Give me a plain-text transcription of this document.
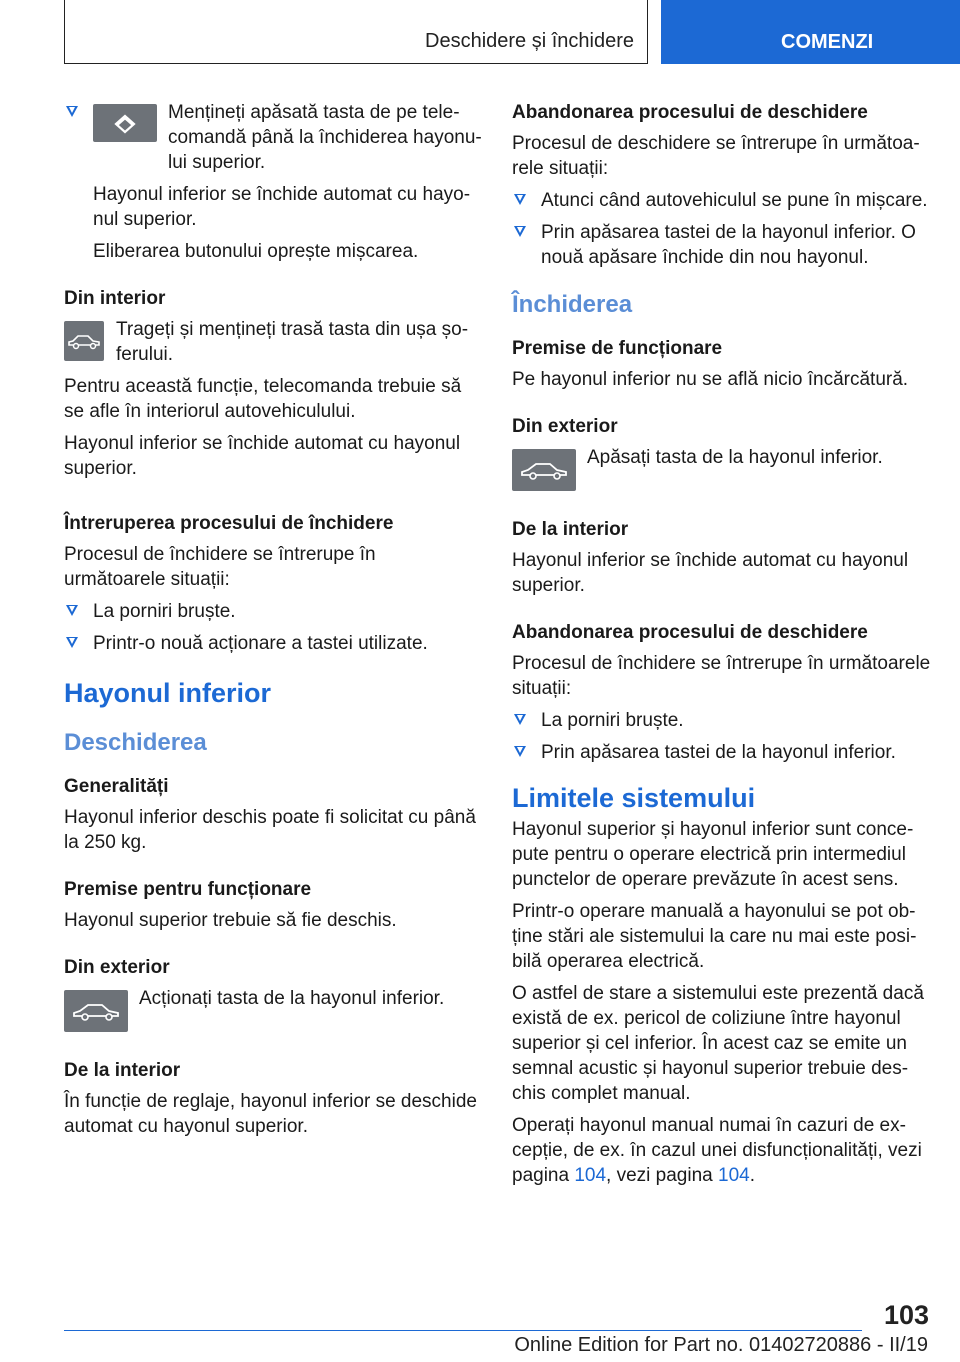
Deschidere și închidere	COMENZI
Mențineți apăsată tasta de pe telecomandă până la închiderea hayonului superior.

Hayonul inferior se închide automat cu hayonul superior.

Eliberarea butonului oprește mișcarea.

Din interior
Trageți și mențineți trasă tasta din ușa șoferului.

Pentru această funcție, telecomanda trebuie să se afle în interiorul autovehiculului.

Hayonul inferior se închide automat cu hayonul superior.

Întreruperea procesului de închidere

Procesul de închidere se întrerupe în următoarele situații:

La porniri bruște.
Printr-o nouă acționare a tastei utilizate.
Hayonul inferior
Deschiderea
Generalități

Hayonul inferior deschis poate fi solicitat cu până la 250 kg.

Premise pentru funcționare

Hayonul superior trebuie să fie deschis.

Din exterior
Acționați tasta de la hayonul inferior.
De la interior

În funcție de reglaje, hayonul inferior se deschide automat cu hayonul superior.

Abandonarea procesului de deschidere

Procesul de deschidere se întrerupe în următoarele situații:

Atunci când autovehiculul se pune în mișcare.
Prin apăsarea tastei de la hayonul inferior. O nouă apăsare închide din nou hayonul.
Închiderea
Premise de funcționare

Pe hayonul inferior nu se află nicio încărcătură.

Din exterior
Apăsați tasta de la hayonul inferior.
De la interior

Hayonul inferior se închide automat cu hayonul superior.

Abandonarea procesului de deschidere

Procesul de închidere se întrerupe în următoarele situații:

La porniri bruște.
Prin apăsarea tastei de la hayonul inferior.
Limitele sistemului

Hayonul superior și hayonul inferior sunt concepute pentru o operare electrică prin intermediul punctelor de operare prevăzute în acest sens.

Printr-o operare manuală a hayonului se pot obține stări ale sistemului la care nu mai este posibilă operarea electrică.

O astfel de stare a sistemului este prezentă dacă există de ex. pericol de coliziune între hayonul superior și cel inferior. În acest caz se emite un semnal acustic și hayonul superior trebuie deschis complet manual.

Operați hayonul manual numai în cazuri de excepție, de ex. în cazul unei disfuncționalități, vezi pagina 104, vezi pagina 104.

103
Online Edition for Part no. 01402720886 - II/19
